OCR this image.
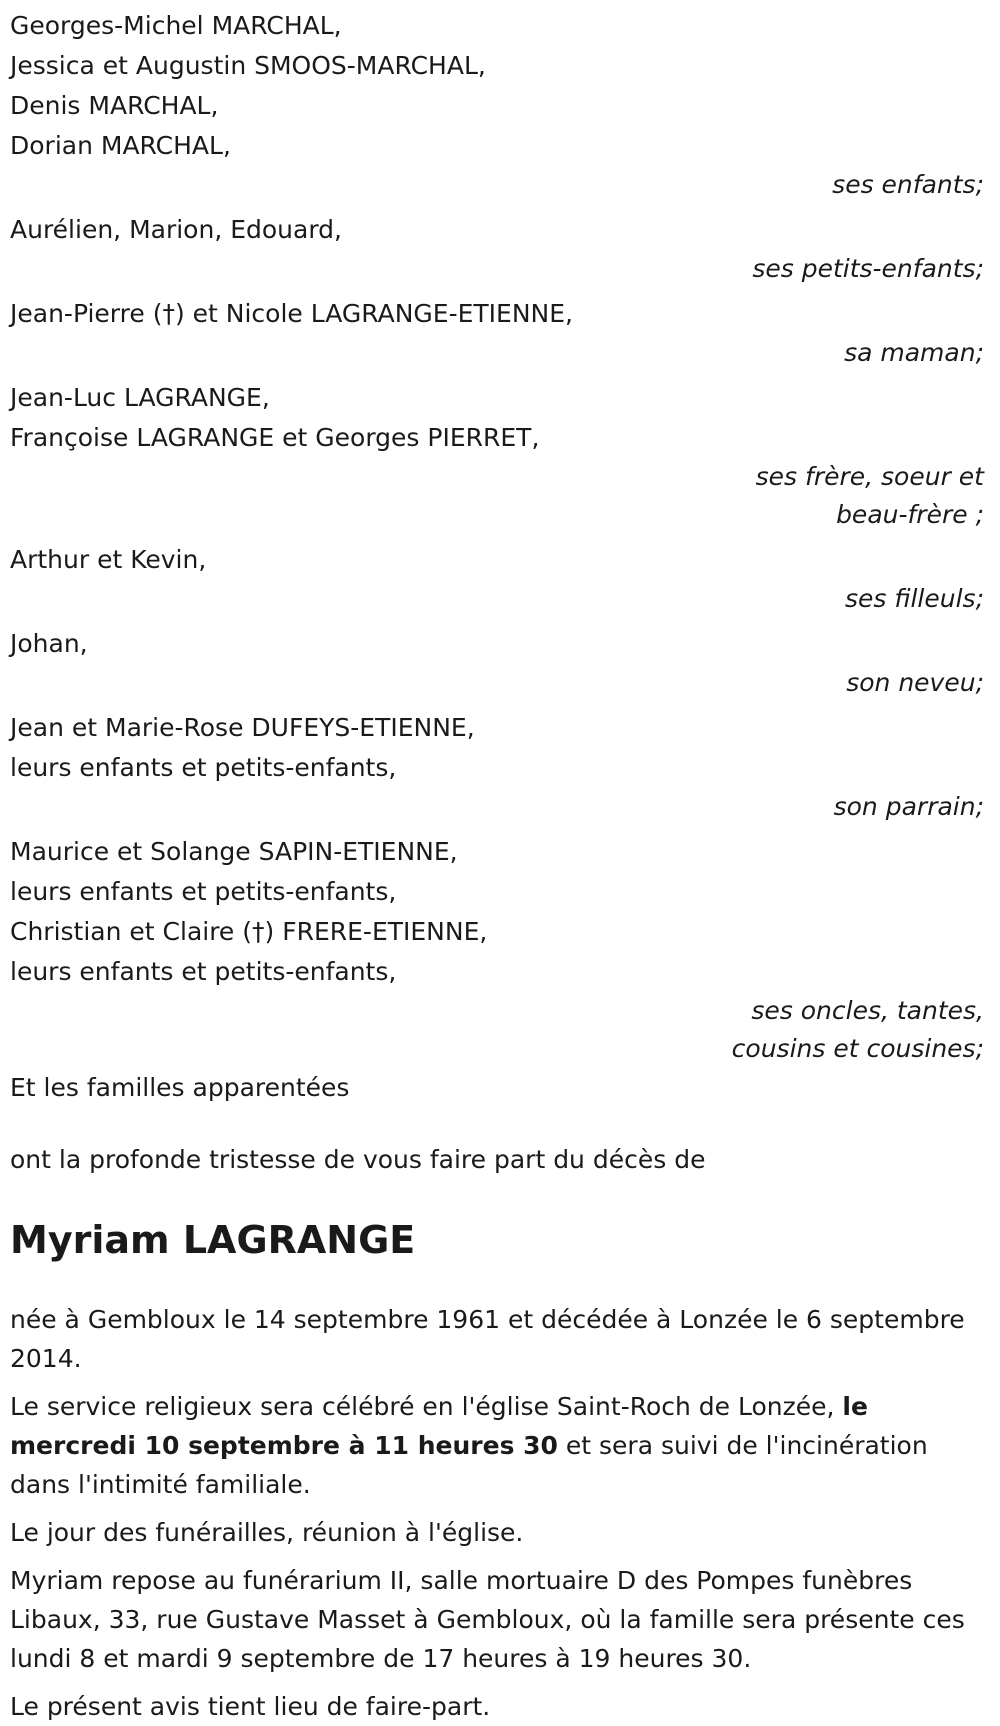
Georges-Michel MARCHAL,
Jessica et Augustin SMOOS-MARCHAL,
Denis MARCHAL,
Dorian MARCHAL,
ses enfants;
Aurélien, Marion, Edouard,
ses petits-enfants;
Jean-Pierre (†) et Nicole LAGRANGE-ETIENNE,
sa maman;
Jean-Luc LAGRANGE,
Françoise LAGRANGE et Georges PIERRET,
ses frère, soeur et
beau-frère ;
Arthur et Kevin,
ses filleuls;
Johan,
son neveu;
Jean et Marie-Rose DUFEYS-ETIENNE,
leurs enfants et petits-enfants,
son parrain;
Maurice et Solange SAPIN-ETIENNE,
leurs enfants et petits-enfants,
Christian et Claire (†) FRERE-ETIENNE,
leurs enfants et petits-enfants,
ses oncles, tantes,
cousins et cousines;
Et les familles apparentées
ont la profonde tristesse de vous faire part du décès de
Myriam LAGRANGE

née à Gembloux le 14 septembre 1961 et décédée à Lonzée le 6 septembre 2014.

Le service religieux sera célébré en l'église Saint-Roch de Lonzée, le mercredi 10 septembre à 11 heures 30 et sera suivi de l'incinération dans l'intimité familiale.

Le jour des funérailles, réunion à l'église.

Myriam repose au funérarium II, salle mortuaire D des Pompes funèbres Libaux, 33, rue Gustave Masset à Gembloux, où la famille sera présente ces lundi 8 et mardi 9 septembre de 17 heures à 19 heures 30.

Le présent avis tient lieu de faire-part.
